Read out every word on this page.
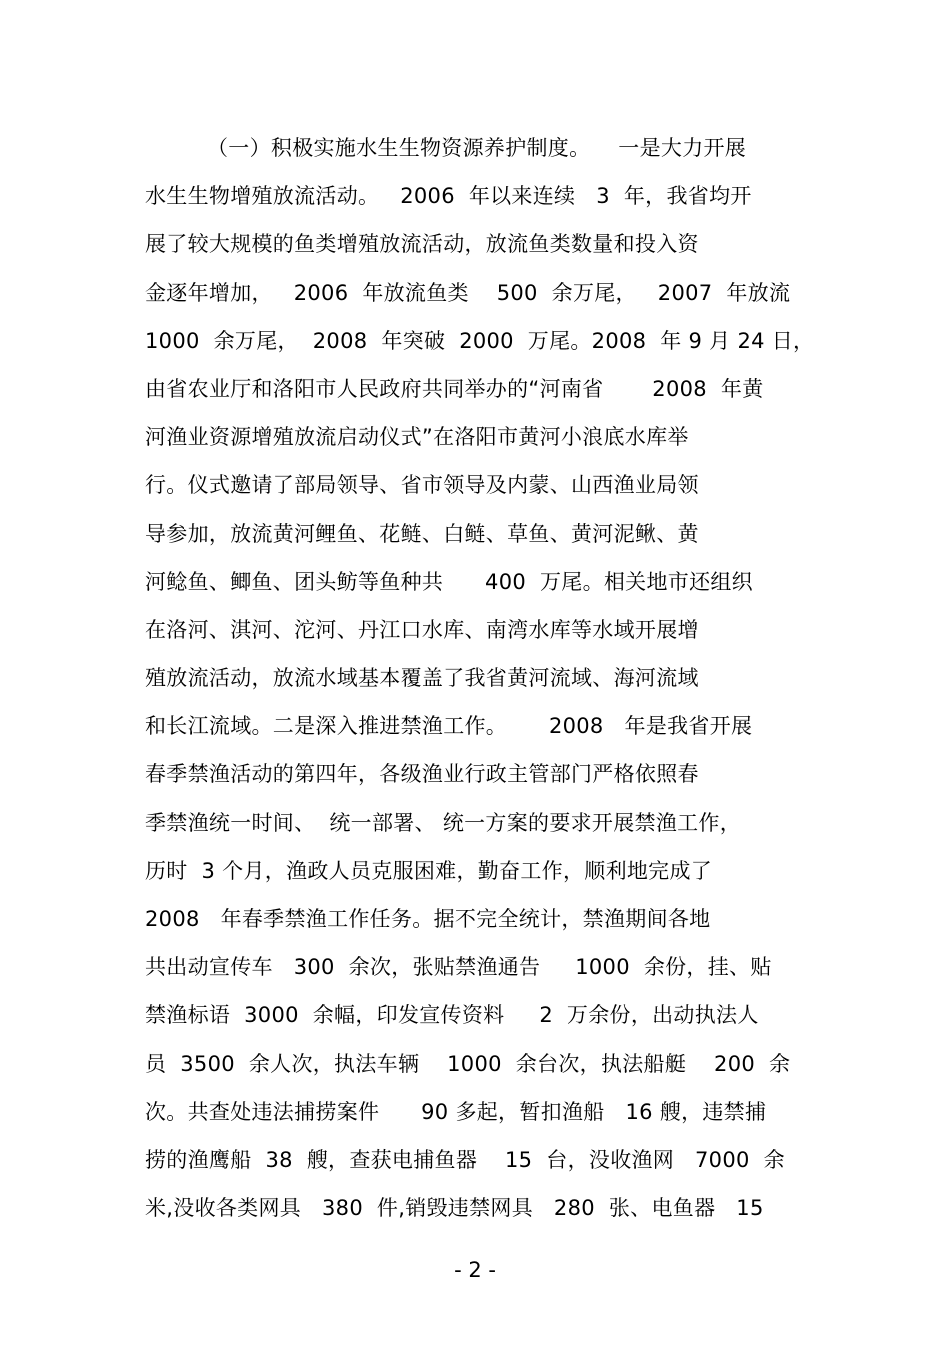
（一）积极实施水生生物资源养护制度。    一是大力开展
水生生物增殖放流活动。   2006  年以来连续   3  年，我省均开
展了较大规模的鱼类增殖放流活动，放流鱼类数量和投入资
金逐年增加，   2006  年放流鱼类    500  余万尾，   2007  年放流
1000  余万尾，  2008  年突破  2000  万尾。2008  年 9 月 24 日，
由省农业厅和洛阳市人民政府共同举办的“河南省       2008  年黄
河渔业资源增殖放流启动仪式”在洛阳市黄河小浪底水库举
行。仪式邀请了部局领导、省市领导及内蒙、山西渔业局领
导参加，放流黄河鲤鱼、花鲢、白鲢、草鱼、黄河泥鳅、黄
河鲶鱼、鲫鱼、团头鲂等鱼种共      400  万尾。相关地市还组织
在洛河、淇河、沱河、丹江口水库、南湾水库等水域开展增
殖放流活动，放流水域基本覆盖了我省黄河流域、海河流域
和长江流域。二是深入推进禁渔工作。      2008   年是我省开展
春季禁渔活动的第四年，各级渔业行政主管部门严格依照春
季禁渔统一时间、  统一部署、 统一方案的要求开展禁渔工作，
历时  3 个月，渔政人员克服困难，勤奋工作，顺利地完成了
2008   年春季禁渔工作任务。据不完全统计，禁渔期间各地
共出动宣传车   300  余次，张贴禁渔通告     1000  余份，挂、贴
禁渔标语  3000  余幅，印发宣传资料     2  万余份，出动执法人
员  3500  余人次，执法车辆    1000  余台次，执法船艇    200  余
次。共查处违法捕捞案件      90 多起，暂扣渔船   16 艘，违禁捕
捞的渔鹰船  38  艘，查获电捕鱼器    15  台，没收渔网   7000  余
米,没收各类网具   380  件,销毁违禁网具   280  张、电鱼器   15
- 2 -
